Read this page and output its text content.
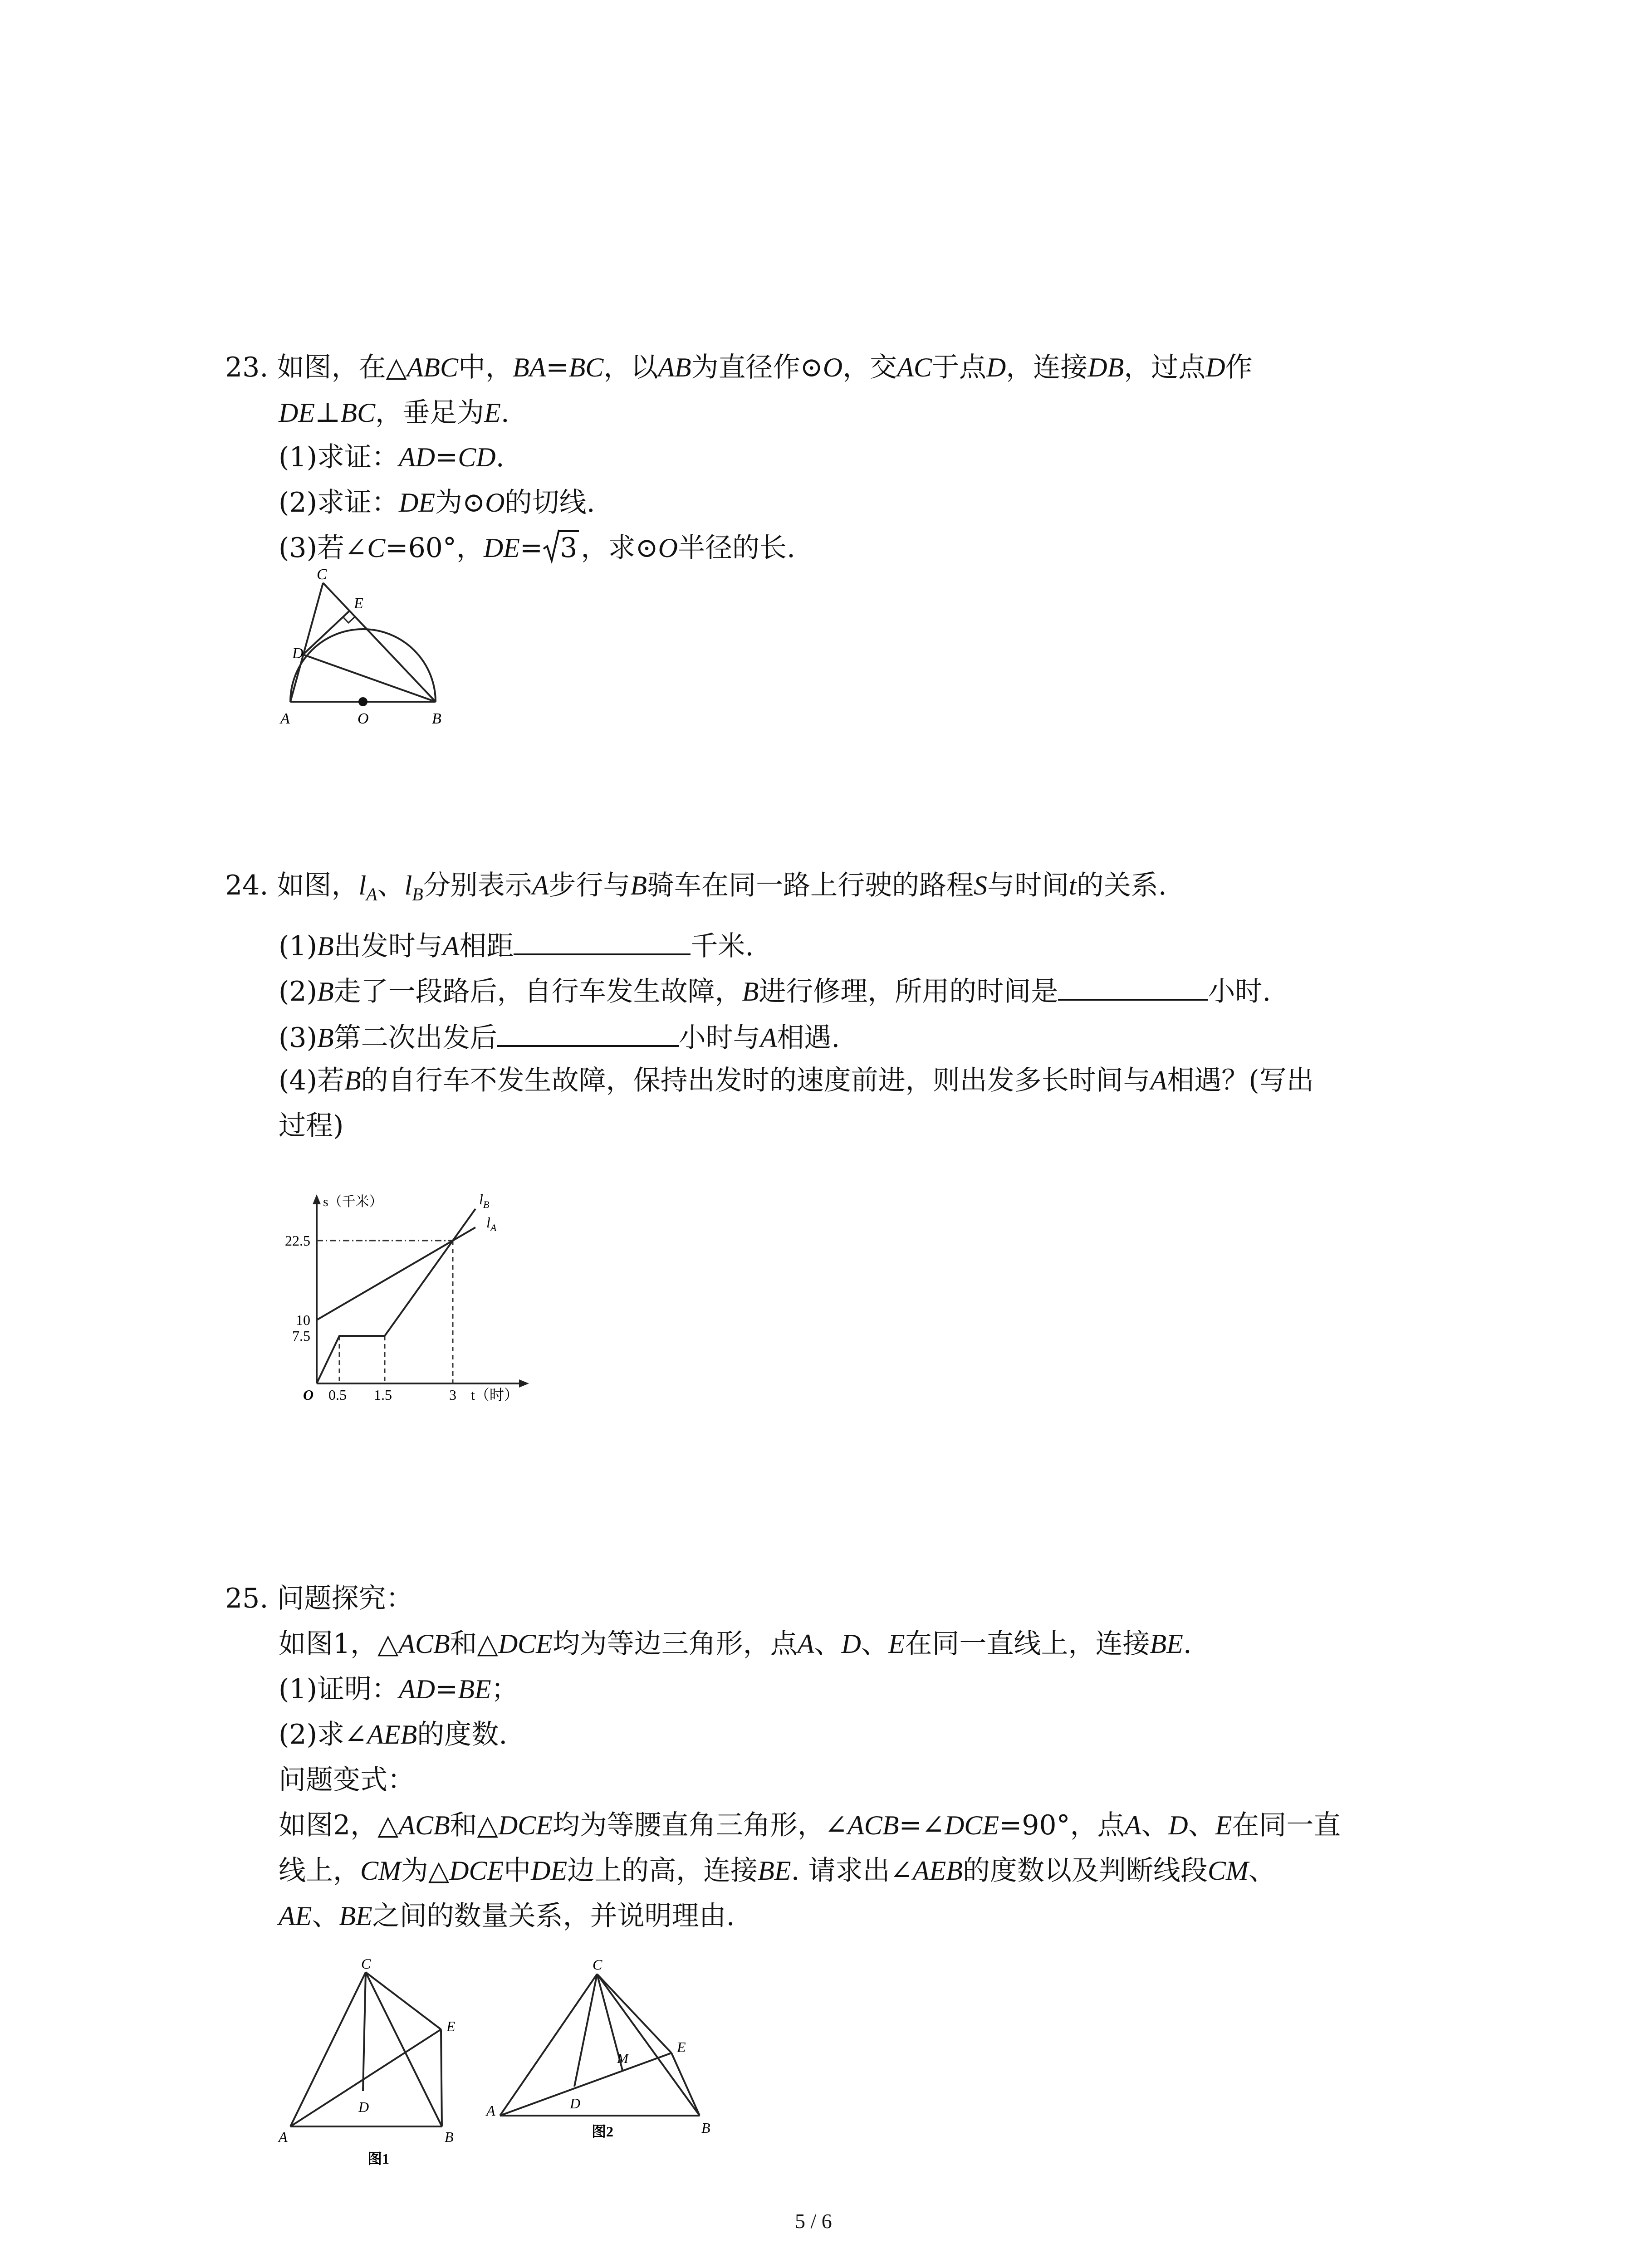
23. 如图，在△ABC中，BA=BC，以AB为直径作⊙O，交AC于点D，连接DB，过点D作
DE⊥BC，垂足为E.
(1)求证：AD=CD.
(2)求证：DE为⊙O的切线.
(3)若∠C=60°，DE= 3 ，求⊙O半径的长.
C
E
D
A	O	B
24. 如图，$l_A$、$l_B$分别表示A步行与B骑车在同一路上行驶的路程S与时间t的关系.
(1)B出发时与A相距	千米.
(2)B走了一段路后，自行车发生故障，B进行修理，所用的时间是	小时.
(3)B第二次出发后	小时与A相遇.
(4)若B的自行车不发生故障，保持出发时的速度前进，则出发多长时间与A相遇？(写出
过程)
O 0.5 1.5	3
7.5
10
22.5
s（千米）
t（时）
$l_B$
$l_A$
25. 问题探究：
如图1，△ACB和△DCE均为等边三角形，点A、D、E在同一直线上，连接BE.
(1)证明：AD=BE；
(2)求∠AEB的度数.
问题变式：
如图2，△ACB和△DCE均为等腰直角三角形，∠ACB=∠DCE=90°，点A、D、E在同一直
线上，CM为△DCE中DE边上的高，连接BE. 请求出∠AEB的度数以及判断线段CM、
AE、BE之间的数量关系，并说明理由.
C
E
D
A	B
图1
C
E
M
D
A
B
图2
5 / 6
